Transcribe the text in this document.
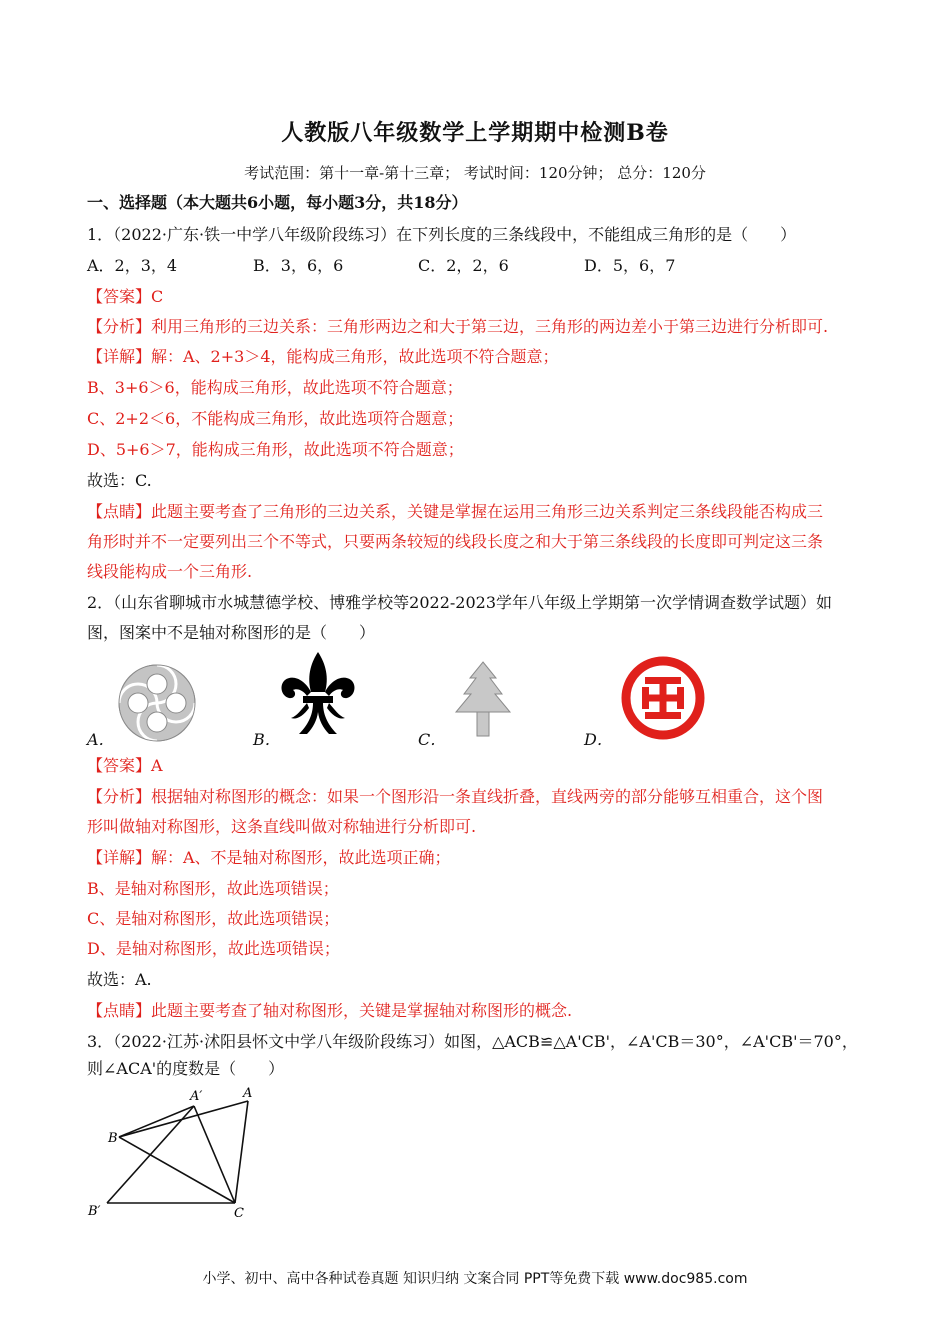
人教版八年级数学上学期期中检测B卷
考试范围：第十一章-第十三章； 考试时间：120分钟； 总分：120分
一、选择题（本大题共6小题，每小题3分，共18分）
1．（2022·广东·铁一中学八年级阶段练习）在下列长度的三条线段中，不能组成三角形的是（　　）
A．2，3，4	B．3，6，6	C．2，2，6	D．5，6，7
【答案】C
【分析】利用三角形的三边关系：三角形两边之和大于第三边，三角形的两边差小于第三边进行分析即可.
【详解】解：A、2+3＞4，能构成三角形，故此选项不符合题意；
B、3+6＞6，能构成三角形，故此选项不符合题意；
C、2+2＜6，不能构成三角形，故此选项符合题意；
D、5+6＞7，能构成三角形，故此选项不符合题意；
故选：C.
【点睛】此题主要考查了三角形的三边关系，关键是掌握在运用三角形三边关系判定三条线段能否构成三
角形时并不一定要列出三个不等式，只要两条较短的线段长度之和大于第三条线段的长度即可判定这三条
线段能构成一个三角形.
2．（山东省聊城市水城慧德学校、博雅学校等2022-2023学年八年级上学期第一次学情调查数学试题）如
图，图案中不是轴对称图形的是（　　）
A．	B．	C．	D．
【答案】A
【分析】根据轴对称图形的概念：如果一个图形沿一条直线折叠，直线两旁的部分能够互相重合，这个图
形叫做轴对称图形，这条直线叫做对称轴进行分析即可.
【详解】解：A、不是轴对称图形，故此选项正确；
B、是轴对称图形，故此选项错误；
C、是轴对称图形，故此选项错误；
D、是轴对称图形，故此选项错误；
故选：A.
【点睛】此题主要考查了轴对称图形，关键是掌握轴对称图形的概念.
3．（2022·江苏·沭阳县怀文中学八年级阶段练习）如图，△ACB≌△A'CB'，∠A'CB＝30°，∠A'CB'＝70°，
则∠ACA'的度数是（　　）
A′	A
B
B′	C
小学、初中、高中各种试卷真题 知识归纳 文案合同 PPT等免费下载 www.doc985.com
